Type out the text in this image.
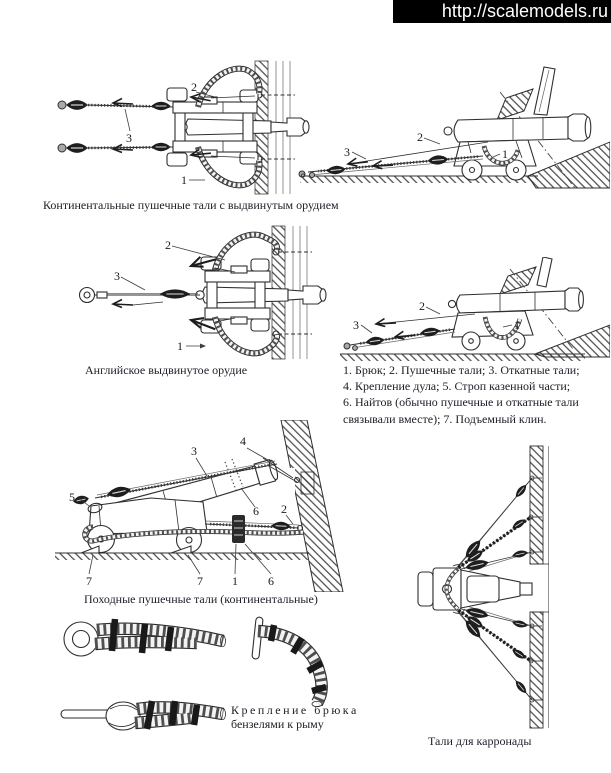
http://scalemodels.ru
2
3
1
2
3	1
Континентальные пушечные тали с выдвинутым орудием
2
3
1
2
3	1
Английское выдвинутое орудие	1. Брюк; 2. Пушечные тали; 3. Откатные тали;
4. Крепление дула; 5. Строп казенной части;
6. Найтов (обычно пушечные и откатные тали
связывали вместе); 7. Подъемный клин.
5
3
4
2
6
7	7 1	6
Походные пушечные тали (континентальные)
Крепление брюка
бензелями к рыму
Тали для карронады
